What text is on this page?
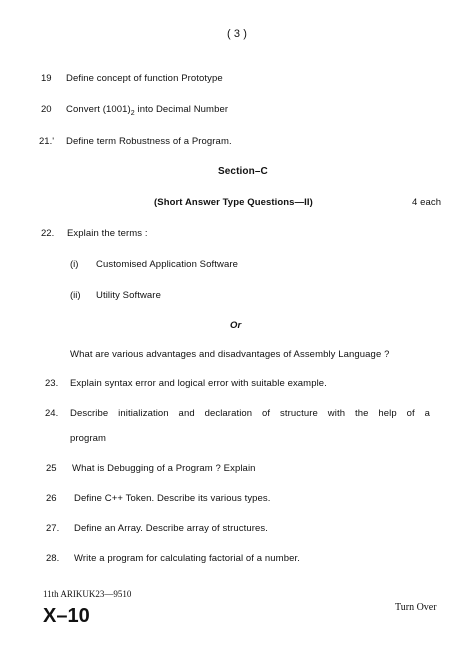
( 3 )
19 Define concept of function Prototype
20 Convert $(1001)_2$ into Decimal Number
21.' Define term Robustness of a Program.
Section–C
(Short Answer Type Questions—II)	4 each
22. Explain the terms :
(i) Customised Application Software
(ii) Utility Software
Or
What are various advantages and disadvantages of Assembly Language ?
23. Explain syntax error and logical error with suitable example.
24. Describe initialization and declaration of structure with the help of a
program
25 What is Debugging of a Program ? Explain
26 Define C++ Token. Describe its various types.
27. Define an Array. Describe array of structures.
28. Write a program for calculating factorial of a number.
11th ARIKUK23—9510
X–10	Turn Over
